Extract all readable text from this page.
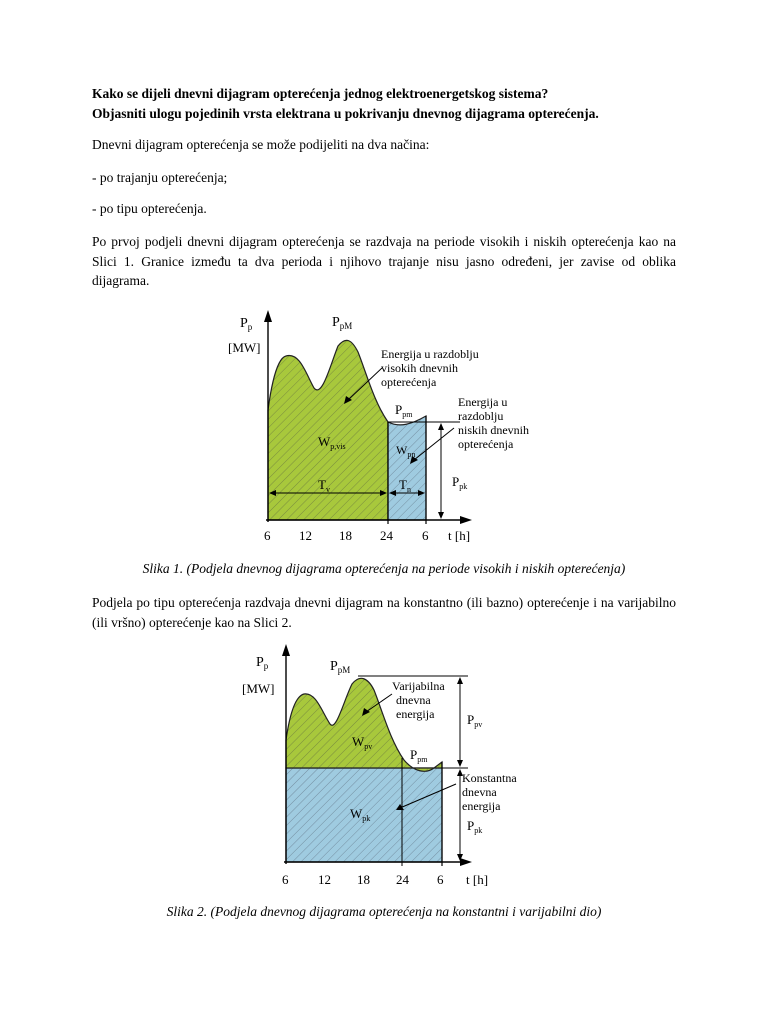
Kako se dijeli dnevni dijagram opterećenja jednog elektroenergetskog sistema?
Objasniti ulogu pojedinih vrsta elektrana u pokrivanju dnevnog dijagrama opterećenja.
Dnevni dijagram opterećenja se može podijeliti na dva načina:
- po trajanju opterećenja;
- po tipu opterećenja.
Po prvoj podjeli dnevni dijagram opterećenja se razdvaja na periode visokih i niskih opterećenja kao na Slici 1. Granice između ta dva perioda i njihovo trajanje nisu jasno određeni, jer zavise od oblika dijagrama.
$P_p$
[MW]
$P_{pM}$
$P_{pm}$
$P_{pk}$
$W_{p,vis}$	$W_{pn}$
$T_v$	$T_n$
Energija u razdoblju visokih dnevnih opterećenja
Energija u razdoblju niskih dnevnih opterećenja
6 12 18 24 6 t [h]
Slika 1. (Podjela dnevnog dijagrama opterećenja na periode visokih i niskih opterećenja)
Podjela po tipu opterećenja razdvaja dnevni dijagram na konstantno (ili bazno) opterećenje i na varijabilno (ili vršno) opterećenje kao na Slici 2.
$P_p$
[MW]
$P_{pM}$
$P_{pm}$
$P_{pv}$
$P_{pk}$
$W_{pv}$
$W_{pk}$
Varijabilna dnevna energija
Konstantna dnevna energija
6 12 18 24 6 t [h]
Slika 2. (Podjela dnevnog dijagrama opterećenja na konstantni i varijabilni dio)
